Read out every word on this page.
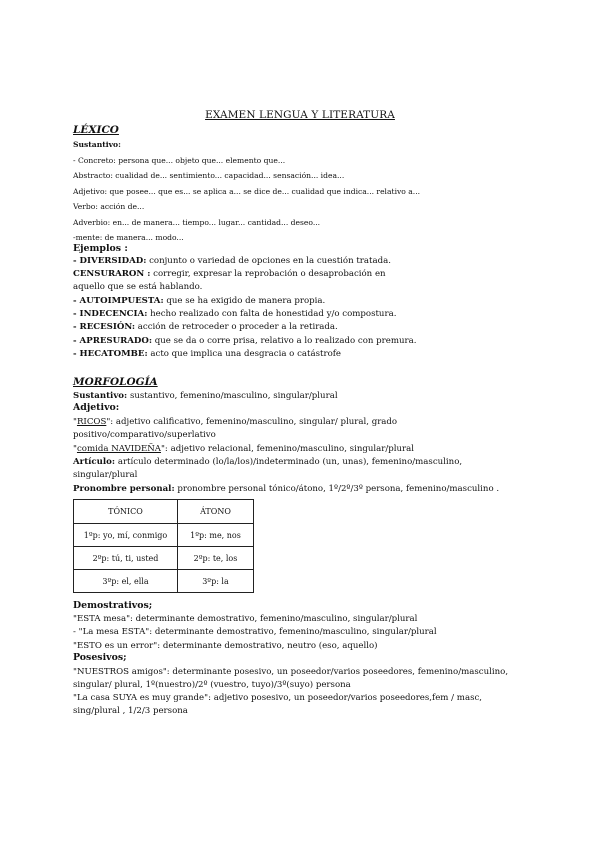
EXAMEN LENGUA Y LITERATURA
LÉXICO
Sustantivo:
- Concreto: persona que... objeto que... elemento que...
Abstracto: cualidad de... sentimiento... capacidad... sensación... idea...
Adjetivo: que posee... que es... se aplica a... se dice de... cualidad que indica... relativo a...
Verbo: acción de...
Adverbio: en... de manera... tiempo... lugar... cantidad... deseo...
-mente: de manera... modo...
Ejemplos :
- DIVERSIDAD: conjunto o variedad de opciones en la cuestión tratada.
CENSURARON : corregir, expresar la reprobación o desaprobación en
aquello que se está hablando.
- AUTOIMPUESTA: que se ha exigido de manera propia.
- INDECENCIA: hecho realizado con falta de honestidad y/o compostura.
- RECESIÓN: acción de retroceder o proceder a la retirada.
- APRESURADO: que se da o corre prisa, relativo a lo realizado con premura.
- HECATOMBE: acto que implica una desgracia o catástrofe
MORFOLOGÍA
Sustantivo: sustantivo, femenino/masculino, singular/plural
Adjetivo:
"RICOS": adjetivo calificativo, femenino/masculino, singular/ plural, grado
positivo/comparativo/superlativo
"comida NAVIDEÑA": adjetivo relacional, femenino/masculino, singular/plural
Artículo: artículo determinado (lo/la/los)/indeterminado (un, unas), femenino/masculino,
singular/plural
Pronombre personal: pronombre personal tónico/átono, 1º/2º/3º persona, femenino/masculino .
TÓNICO	ÁTONO
1ºp: yo, mí, conmigo	1ºp: me, nos
2ºp: tú, ti, usted	2ºp: te, los
3ºp: el, ella	3ºp: la
Demostrativos;
"ESTA mesa": determinante demostrativo, femenino/masculino, singular/plural
- "La mesa ESTA": determinante demostrativo, femenino/masculino, singular/plural
"ESTO es un error": determinante demostrativo, neutro (eso, aquello)
Posesivos;
"NUESTROS amigos": determinante posesivo, un poseedor/varios poseedores, femenino/masculino,
singular/ plural, 1º(nuestro)/2º (vuestro, tuyo)/3º(suyo) persona
"La casa SUYA es muy grande": adjetivo posesivo, un poseedor/varios poseedores,fem / masc,
sing/plural , 1/2/3 persona
